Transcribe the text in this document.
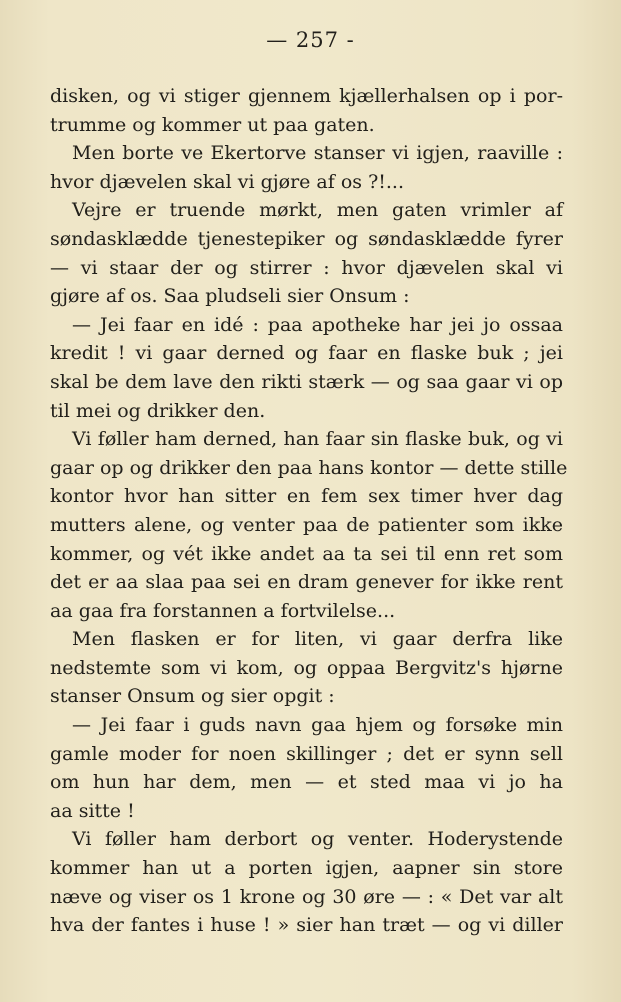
— 257 -
disken, og vi stiger gjennem kjællerhalsen op i por-
trumme og kommer ut paa gaten.
Men borte ve Ekertorve stanser vi igjen, raaville :
hvor djævelen skal vi gjøre af os ?!...
Vejre er truende mørkt, men gaten vrimler af
søndasklædde tjenestepiker og søndasklædde fyrer
— vi staar der og stirrer : hvor djævelen skal vi
gjøre af os. Saa pludseli sier Onsum :
— Jei faar en idé : paa apotheke har jei jo ossaa
kredit ! vi gaar derned og faar en flaske buk ; jei
skal be dem lave den rikti stærk — og saa gaar vi op
til mei og drikker den.
Vi føller ham derned, han faar sin flaske buk, og vi
gaar op og drikker den paa hans kontor — dette stille
kontor hvor han sitter en fem sex timer hver dag
mutters alene, og venter paa de patienter som ikke
kommer, og vét ikke andet aa ta sei til enn ret som
det er aa slaa paa sei en dram genever for ikke rent
aa gaa fra forstannen a fortvilelse...
Men flasken er for liten, vi gaar derfra like
nedstemte som vi kom, og oppaa Bergvitz's hjørne
stanser Onsum og sier opgit :
— Jei faar i guds navn gaa hjem og forsøke min
gamle moder for noen skillinger ; det er synn sell
om hun har dem, men — et sted maa vi jo ha
aa sitte !
Vi føller ham derbort og venter. Hoderystende
kommer han ut a porten igjen, aapner sin store
næve og viser os 1 krone og 30 øre — : « Det var alt
hva der fantes i huse ! » sier han træt — og vi diller
